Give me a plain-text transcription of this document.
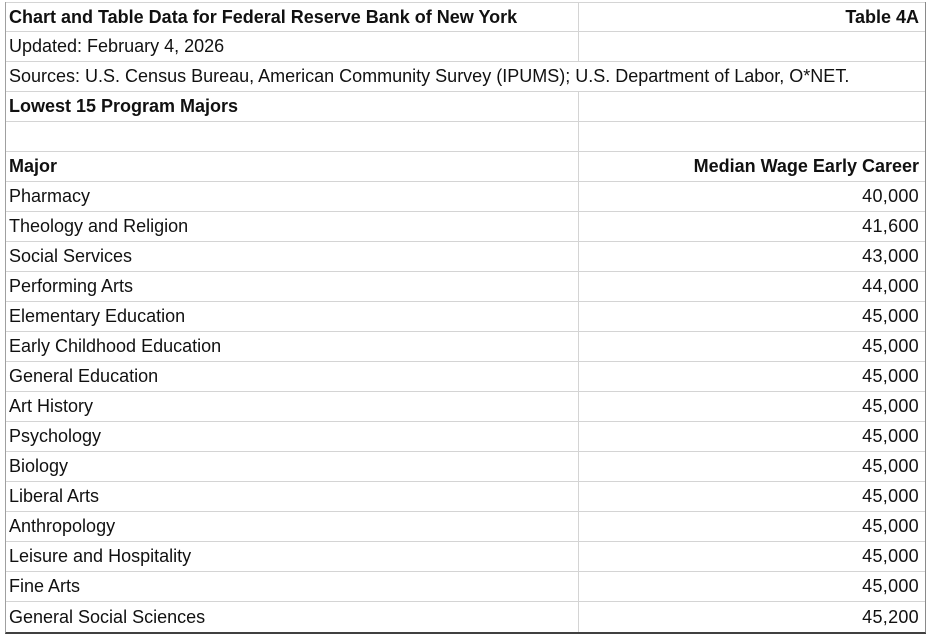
Chart and Table Data for Federal Reserve Bank of New York	Table 4A
Updated: February 4, 2026
Sources: U.S. Census Bureau, American Community Survey (IPUMS); U.S. Department of Labor, O*NET.
Lowest 15 Program Majors
Major	Median Wage Early Career
Pharmacy	40,000
Theology and Religion	41,600
Social Services	43,000
Performing Arts	44,000
Elementary Education	45,000
Early Childhood Education	45,000
General Education	45,000
Art History	45,000
Psychology	45,000
Biology	45,000
Liberal Arts	45,000
Anthropology	45,000
Leisure and Hospitality	45,000
Fine Arts	45,000
General Social Sciences	45,200
